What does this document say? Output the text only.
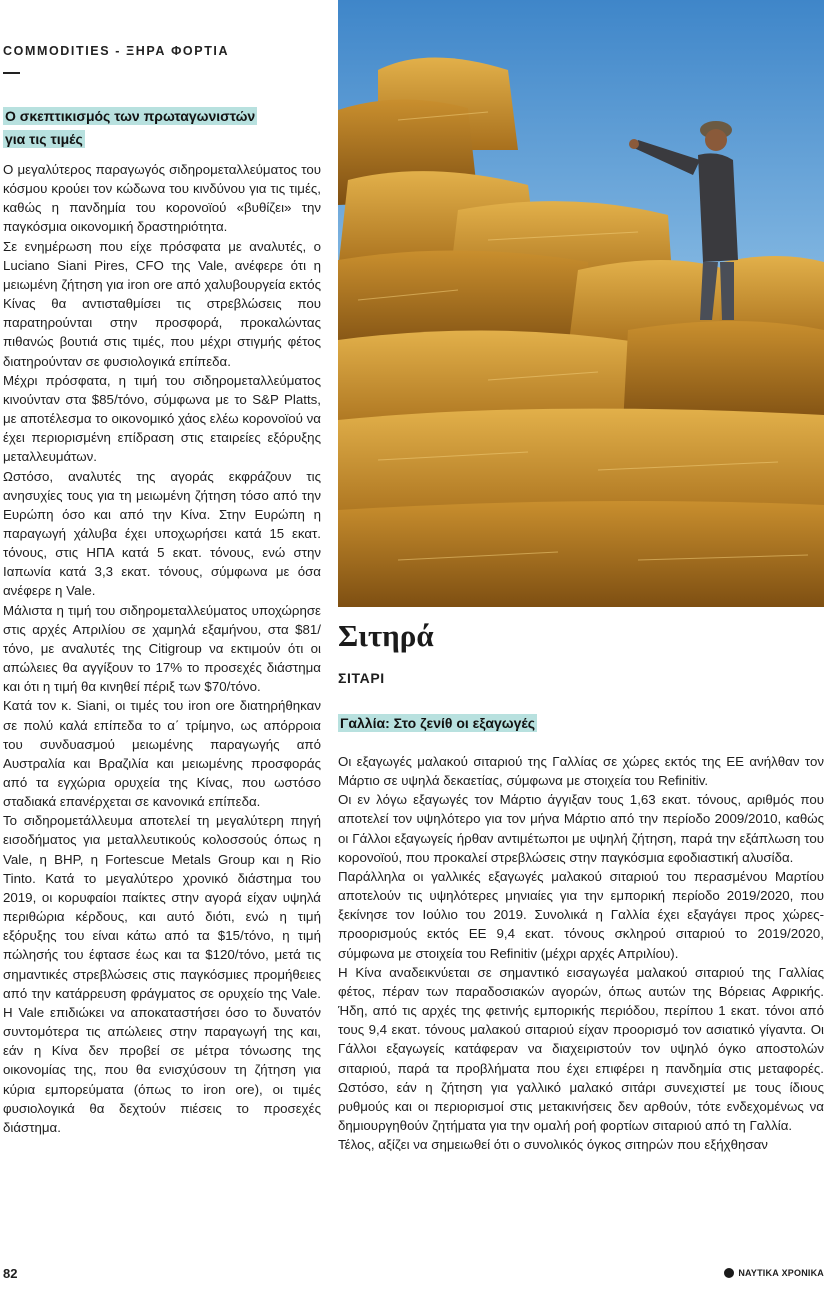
COMMODITIES - ΞΗΡΑ ΦΟΡΤΙΑ
Ο σκεπτικισμός των πρωταγωνιστών για τις τιμές

Ο μεγαλύτερος παραγωγός σιδηρομεταλλεύματος του κόσμου κρούει τον κώδωνα του κινδύνου για τις τιμές, καθώς η πανδημία του κορονοϊού «βυθίζει» την παγκόσμια οικονομική δραστηριότητα.

Σε ενημέρωση που είχε πρόσφατα με αναλυτές, ο Luciano Siani Pires, CFO της Vale, ανέφερε ότι η μειωμένη ζήτηση για iron ore από χαλυβουργεία εκτός Κίνας θα αντισταθμίσει τις στρεβλώσεις που παρατηρούνται στην προσφορά, προκαλώντας πιθανώς βουτιά στις τιμές, που μέχρι στιγμής φέτος διατηρούνταν σε φυσιολογικά επίπεδα.

Μέχρι πρόσφατα, η τιμή του σιδηρομεταλλεύματος κινούνταν στα $85/τόνο, σύμφωνα με το S&P Platts, με αποτέλεσμα το οικονομικό χάος ελέω κορονοϊού να έχει περιορισμένη επίδραση στις εταιρείες εξόρυξης μεταλλευμάτων.

Ωστόσο, αναλυτές της αγοράς εκφράζουν τις ανησυχίες τους για τη μειωμένη ζήτηση τόσο από την Ευρώπη όσο και από την Κίνα. Στην Ευρώπη η παραγωγή χάλυβα έχει υποχωρήσει κατά 15 εκατ. τόνους, στις ΗΠΑ κατά 5 εκατ. τόνους, ενώ στην Ιαπωνία κατά 3,3 εκατ. τόνους, σύμφωνα με όσα ανέφερε η Vale.

Μάλιστα η τιμή του σιδηρομεταλλεύματος υποχώρησε στις αρχές Απριλίου σε χαμηλά εξαμήνου, στα $81/τόνο, με αναλυτές της Citigroup να εκτιμούν ότι οι απώλειες θα αγγίξουν το 17% το προσεχές διάστημα και ότι η τιμή θα κινηθεί πέριξ των $70/τόνο.

Κατά τον κ. Siani, οι τιμές του iron ore διατηρήθηκαν σε πολύ καλά επίπεδα το α΄ τρίμηνο, ως απόρροια του συνδυασμού μειωμένης παραγωγής από Αυστραλία και Βραζιλία και μειωμένης προσφοράς από τα εγχώρια ορυχεία της Κίνας, που ωστόσο σταδιακά επανέρχεται σε κανονικά επίπεδα.

Το σιδηρομετάλλευμα αποτελεί τη μεγαλύτερη πηγή εισοδήματος για μεταλλευτικούς κολοσσούς όπως η Vale, η BHP, η Fortescue Metals Group και η Rio Tinto. Κατά το μεγαλύτερο χρονικό διάστημα του 2019, οι κορυφαίοι παίκτες στην αγορά είχαν υψηλά περιθώρια κέρδους, και αυτό διότι, ενώ η τιμή εξόρυξης του είναι κάτω από τα $15/τόνο, η τιμή πώλησής του έφτασε έως και τα $120/τόνο, μετά τις σημαντικές στρεβλώσεις στις παγκόσμιες προμήθειες από την κατάρρευση φράγματος σε ορυχείο της Vale. Η Vale επιδιώκει να αποκαταστήσει όσο το δυνατόν συντομότερα τις απώλειες στην παραγωγή της και, εάν η Κίνα δεν προβεί σε μέτρα τόνωσης της οικονομίας της, που θα ενισχύσουν τη ζήτηση για κύρια εμπορεύματα (όπως το iron ore), οι τιμές φυσιολογικά θα δεχτούν πιέσεις το προσεχές διάστημα.

Σιτηρά
ΣΙΤΑΡΙ
Γαλλία: Στο ζενίθ οι εξαγωγές

Οι εξαγωγές μαλακού σιταριού της Γαλλίας σε χώρες εκτός της ΕΕ ανήλθαν τον Μάρτιο σε υψηλά δεκαετίας, σύμφωνα με στοιχεία του Refinitiv.

Οι εν λόγω εξαγωγές τον Μάρτιο άγγιξαν τους 1,63 εκατ. τόνους, αριθμός που αποτελεί τον υψηλότερο για τον μήνα Μάρτιο από την περίοδο 2009/2010, καθώς οι Γάλλοι εξαγωγείς ήρθαν αντιμέτωποι με υψηλή ζήτηση, παρά την εξάπλωση του κορονοϊού, που προκαλεί στρεβλώσεις στην παγκόσμια εφοδιαστική αλυσίδα.

Παράλληλα οι γαλλικές εξαγωγές μαλακού σιταριού του περασμένου Μαρτίου αποτελούν τις υψηλότερες μηνιαίες για την εμπορική περίοδο 2019/2020, που ξεκίνησε τον Ιούλιο του 2019. Συνολικά η Γαλλία έχει εξαγάγει προς χώρες-προορισμούς εκτός ΕΕ 9,4 εκατ. τόνους σκληρού σιταριού το 2019/2020, σύμφωνα με στοιχεία του Refinitiv (μέχρι αρχές Απριλίου).

Η Κίνα αναδεικνύεται σε σημαντικό εισαγωγέα μαλακού σιταριού της Γαλλίας φέτος, πέραν των παραδοσιακών αγορών, όπως αυτών της Βόρειας Αφρικής. Ήδη, από τις αρχές της φετινής εμπορικής περιόδου, περίπου 1 εκατ. τόνοι από τους 9,4 εκατ. τόνους μαλακού σιταριού είχαν προορισμό τον ασιατικό γίγαντα. Οι Γάλλοι εξαγωγείς κατάφεραν να διαχειριστούν τον υψηλό όγκο αποστολών σιταριού, παρά τα προβλήματα που έχει επιφέρει η πανδημία στις μεταφορές. Ωστόσο, εάν η ζήτηση για γαλλικό μαλακό σιτάρι συνεχιστεί με τους ίδιους ρυθμούς και οι περιορισμοί στις μετακινήσεις δεν αρθούν, τότε ενδεχομένως να δημιουργηθούν ζητήματα για την ομαλή ροή φορτίων σιταριού από τη Γαλλία.

Τέλος, αξίζει να σημειωθεί ότι ο συνολικός όγκος σιτηρών που εξήχθησαν

82	ΝΑΥΤΙΚΑ ΧΡΟΝΙΚΑ
